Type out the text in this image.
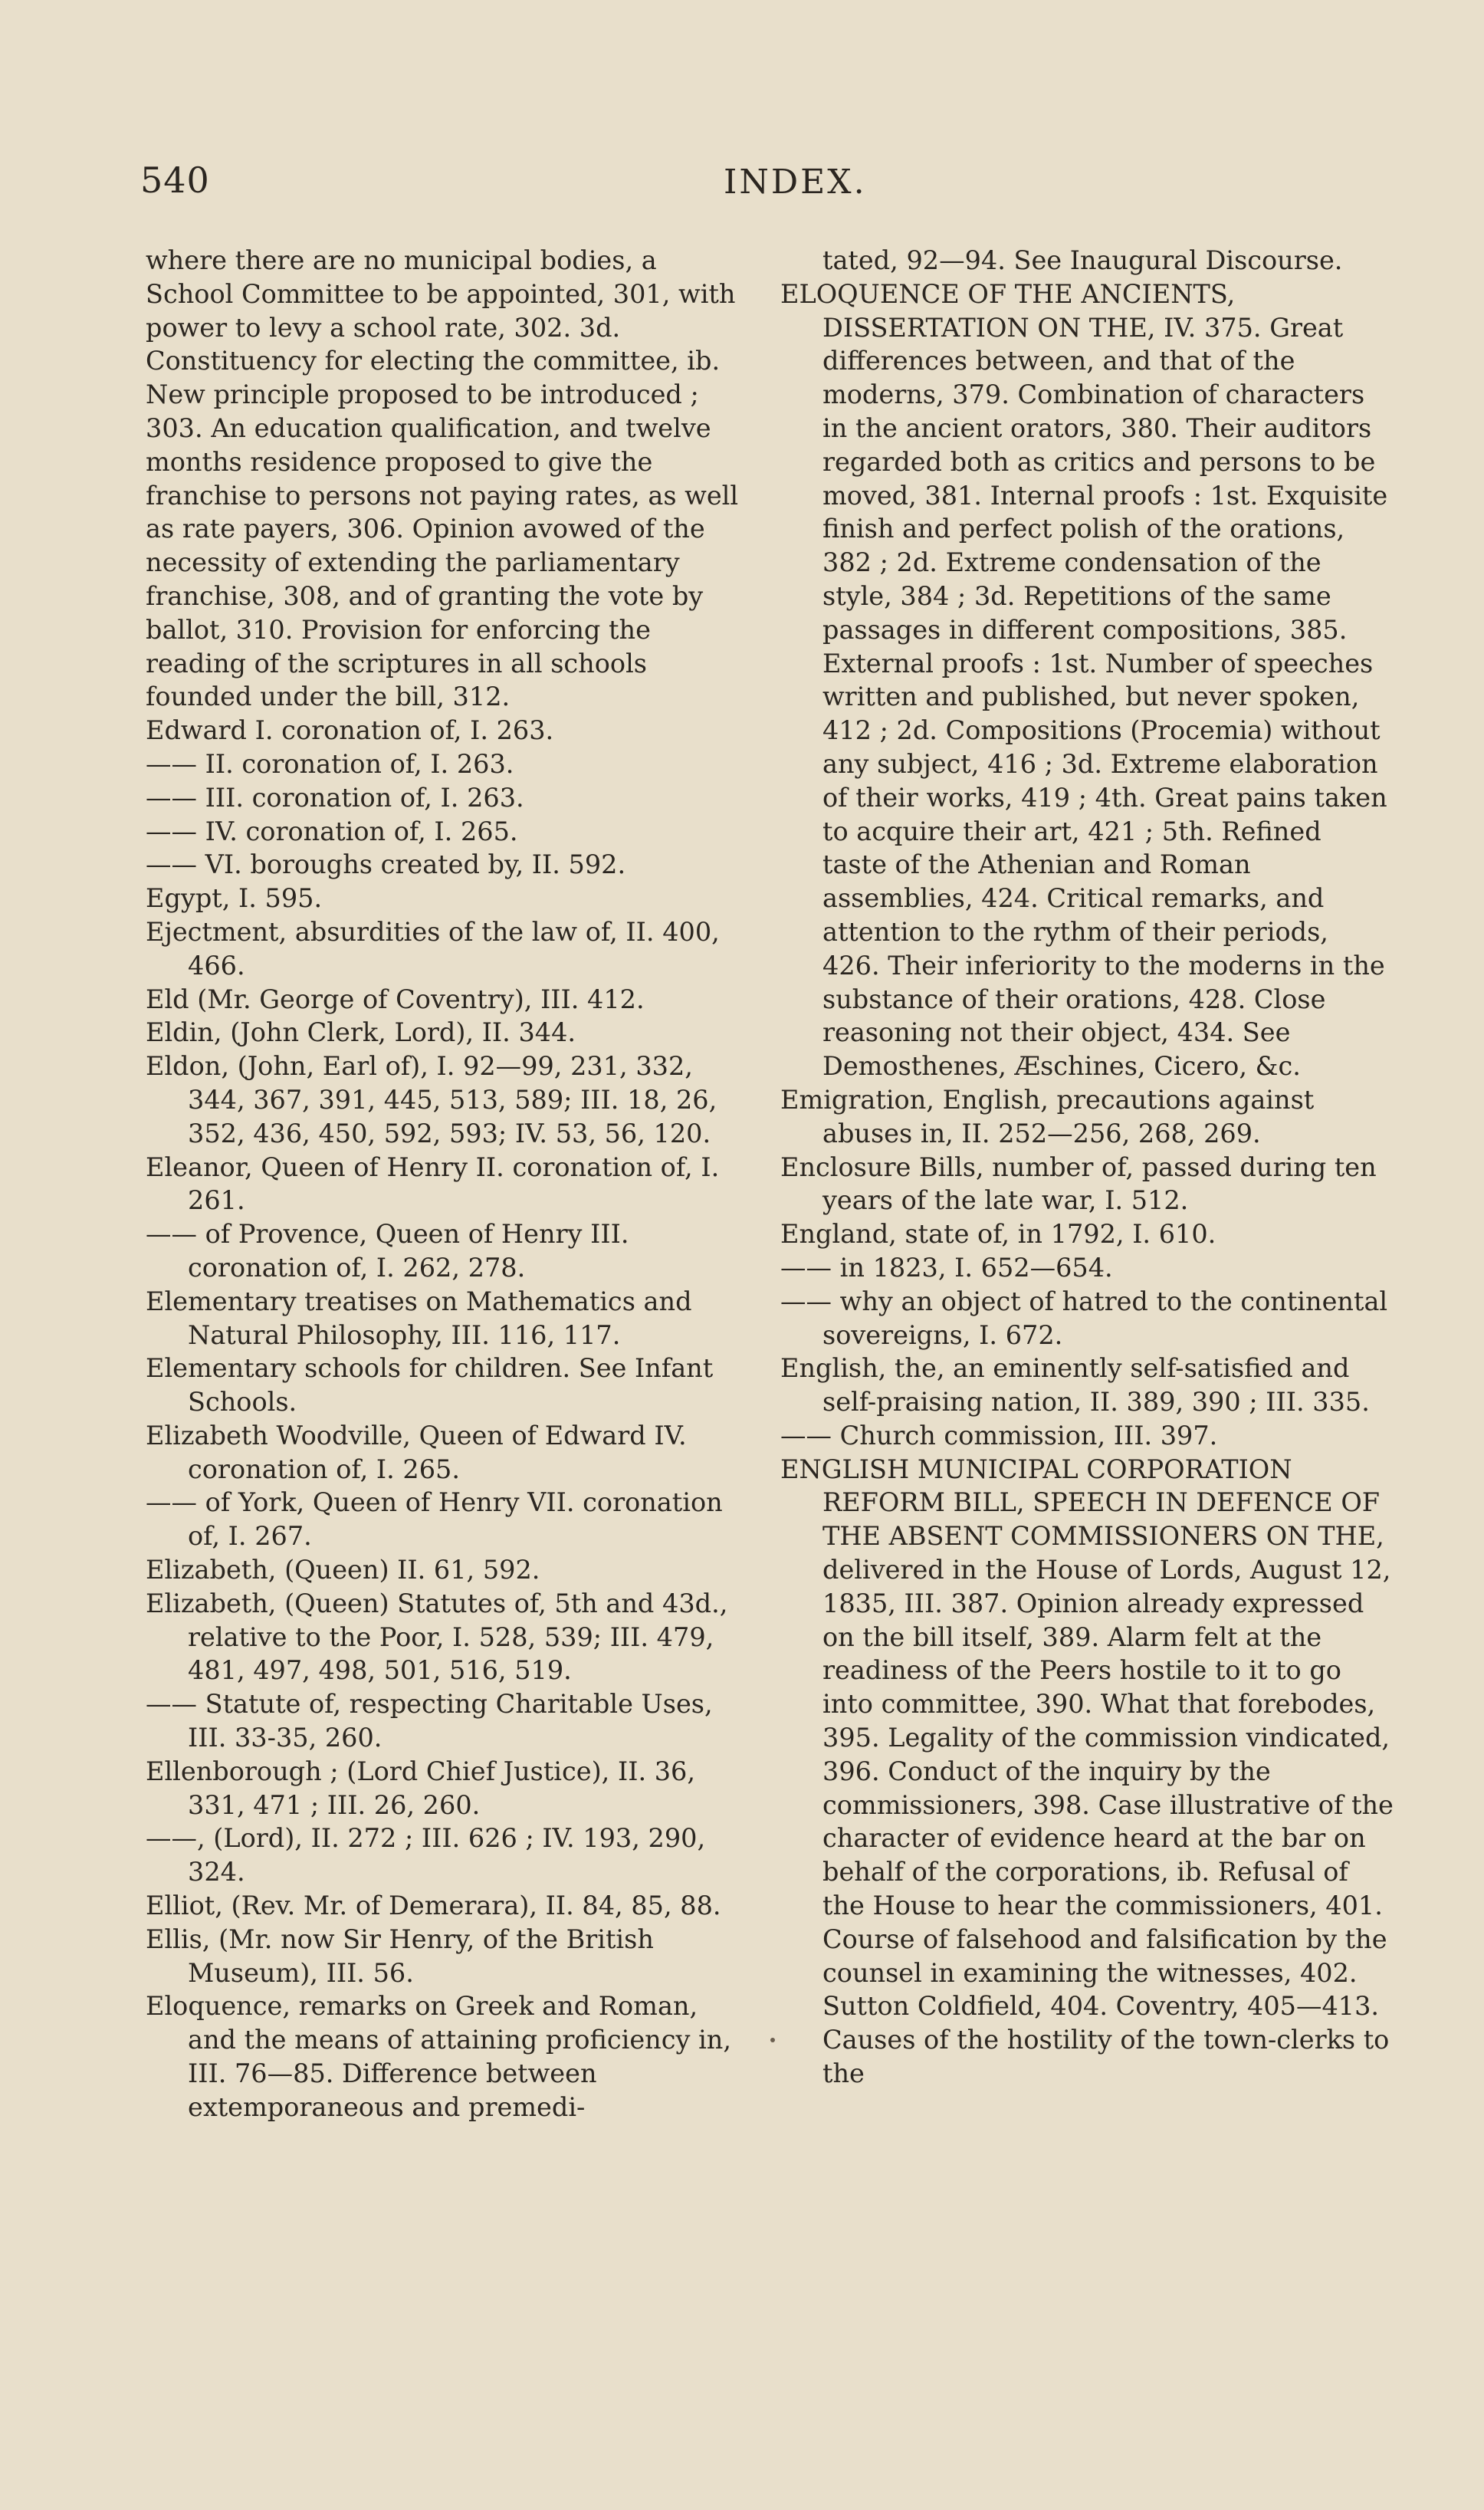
540	INDEX.

where there are no municipal bodies, a School Committee to be appointed, 301, with power to levy a school rate, 302. 3d. Constituency for electing the committee, ib. New principle proposed to be introduced ; 303. An education qualification, and twelve months residence proposed to give the franchise to persons not paying rates, as well as rate payers, 306. Opinion avowed of the necessity of extending the parliamentary franchise, 308, and of granting the vote by ballot, 310. Provision for enforcing the reading of the scriptures in all schools founded under the bill, 312.

Edward I. coronation of, I. 263.

—— II. coronation of, I. 263.

—— III. coronation of, I. 263.

—— IV. coronation of, I. 265.

—— VI. boroughs created by, II. 592.

Egypt, I. 595.

Ejectment, absurdities of the law of, II. 400, 466.

Eld (Mr. George of Coventry), III. 412.

Eldin, (John Clerk, Lord), II. 344.

Eldon, (John, Earl of), I. 92—99, 231, 332, 344, 367, 391, 445, 513, 589; III. 18, 26, 352, 436, 450, 592, 593; IV. 53, 56, 120.

Eleanor, Queen of Henry II. coronation of, I. 261.

—— of Provence, Queen of Henry III. coronation of, I. 262, 278.

Elementary treatises on Mathematics and Natural Philosophy, III. 116, 117.

Elementary schools for children. See Infant Schools.

Elizabeth Woodville, Queen of Edward IV. coronation of, I. 265.

—— of York, Queen of Henry VII. coronation of, I. 267.

Elizabeth, (Queen) II. 61, 592.

Elizabeth, (Queen) Statutes of, 5th and 43d., relative to the Poor, I. 528, 539; III. 479, 481, 497, 498, 501, 516, 519.

—— Statute of, respecting Charitable Uses, III. 33-35, 260.

Ellenborough ; (Lord Chief Justice), II. 36, 331, 471 ; III. 26, 260.

——, (Lord), II. 272 ; III. 626 ; IV. 193, 290, 324.

Elliot, (Rev. Mr. of Demerara), II. 84, 85, 88.

Ellis, (Mr. now Sir Henry, of the British Museum), III. 56.

Eloquence, remarks on Greek and Roman, and the means of attaining proficiency in, III. 76—85. Difference between extemporaneous and premedi-

tated, 92—94. See Inaugural Discourse.

ELOQUENCE OF THE ANCIENTS, DISSERTATION ON THE, IV. 375. Great differences between, and that of the moderns, 379. Combination of characters in the ancient orators, 380. Their auditors regarded both as critics and persons to be moved, 381. Internal proofs : 1st. Exquisite finish and perfect polish of the orations, 382 ; 2d. Extreme condensation of the style, 384 ; 3d. Repetitions of the same passages in different compositions, 385. External proofs : 1st. Number of speeches written and published, but never spoken, 412 ; 2d. Compositions (Procemia) without any subject, 416 ; 3d. Extreme elaboration of their works, 419 ; 4th. Great pains taken to acquire their art, 421 ; 5th. Refined taste of the Athenian and Roman assemblies, 424. Critical remarks, and attention to the rythm of their periods, 426. Their inferiority to the moderns in the substance of their orations, 428. Close reasoning not their object, 434. See Demosthenes, Æschines, Cicero, &c.

Emigration, English, precautions against abuses in, II. 252—256, 268, 269.

Enclosure Bills, number of, passed during ten years of the late war, I. 512.

England, state of, in 1792, I. 610.

—— in 1823, I. 652—654.

—— why an object of hatred to the continental sovereigns, I. 672.

English, the, an eminently self-satisfied and self-praising nation, II. 389, 390 ; III. 335.

—— Church commission, III. 397.

ENGLISH MUNICIPAL CORPORATION REFORM BILL, SPEECH IN DEFENCE OF THE ABSENT COMMISSIONERS ON THE, delivered in the House of Lords, August 12, 1835, III. 387. Opinion already expressed on the bill itself, 389. Alarm felt at the readiness of the Peers hostile to it to go into committee, 390. What that forebodes, 395. Legality of the commission vindicated, 396. Conduct of the inquiry by the commissioners, 398. Case illustrative of the character of evidence heard at the bar on behalf of the corporations, ib. Refusal of the House to hear the commissioners, 401. Course of falsehood and falsification by the counsel in examining the witnesses, 402. Sutton Coldfield, 404. Coventry, 405—413. Causes of the hostility of the town-clerks to the
